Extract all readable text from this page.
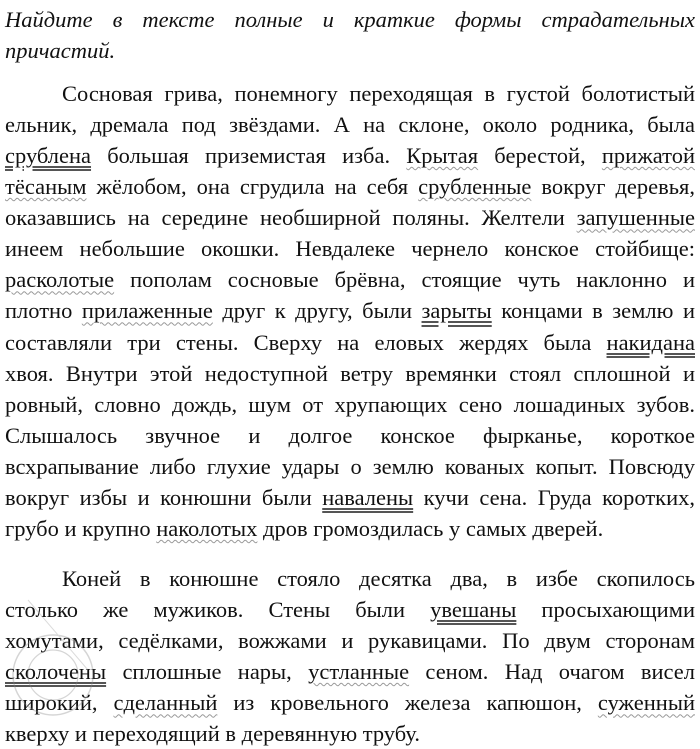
Найдите в тексте полные и краткие формы страдательных
причастий.
Сосновая грива, понемногу переходящая в густой болотистый
ельник, дремала под звёздами. А на склоне, около родника, была
срублена большая приземистая изба. Крытая берестой, прижатой
тёсаным жёлобом, она сгрудила на себя срубленные вокруг деревья,
оказавшись на середине необширной поляны. Желтели запушенные
инеем небольшие окошки. Невдалеке чернело конское стойбище:
расколотые пополам сосновые брёвна, стоящие чуть наклонно и
плотно прилаженные друг к другу, были зарыты концами в землю и
составляли три стены. Сверху на еловых жердях была накидана
хвоя. Внутри этой недоступной ветру времянки стоял сплошной и
ровный, словно дождь, шум от хрупающих сено лошадиных зубов.
Слышалось звучное и долгое конское фырканье, короткое
всхрапывание либо глухие удары о землю кованых копыт. Повсюду
вокруг избы и конюшни были навалены кучи сена. Груда коротких,
грубо и крупно наколотых дров громоздилась у самых дверей.
Коней в конюшне стояло десятка два, в избе скопилось
столько же мужиков. Стены были увешаны просыхающими
хомутами, седёлками, вожжами и рукавицами. По двум сторонам
сколочены сплошные нары, устланные сеном. Над очагом висел
широкий, сделанный из кровельного железа капюшон, суженный
кверху и переходящий в деревянную трубу.
